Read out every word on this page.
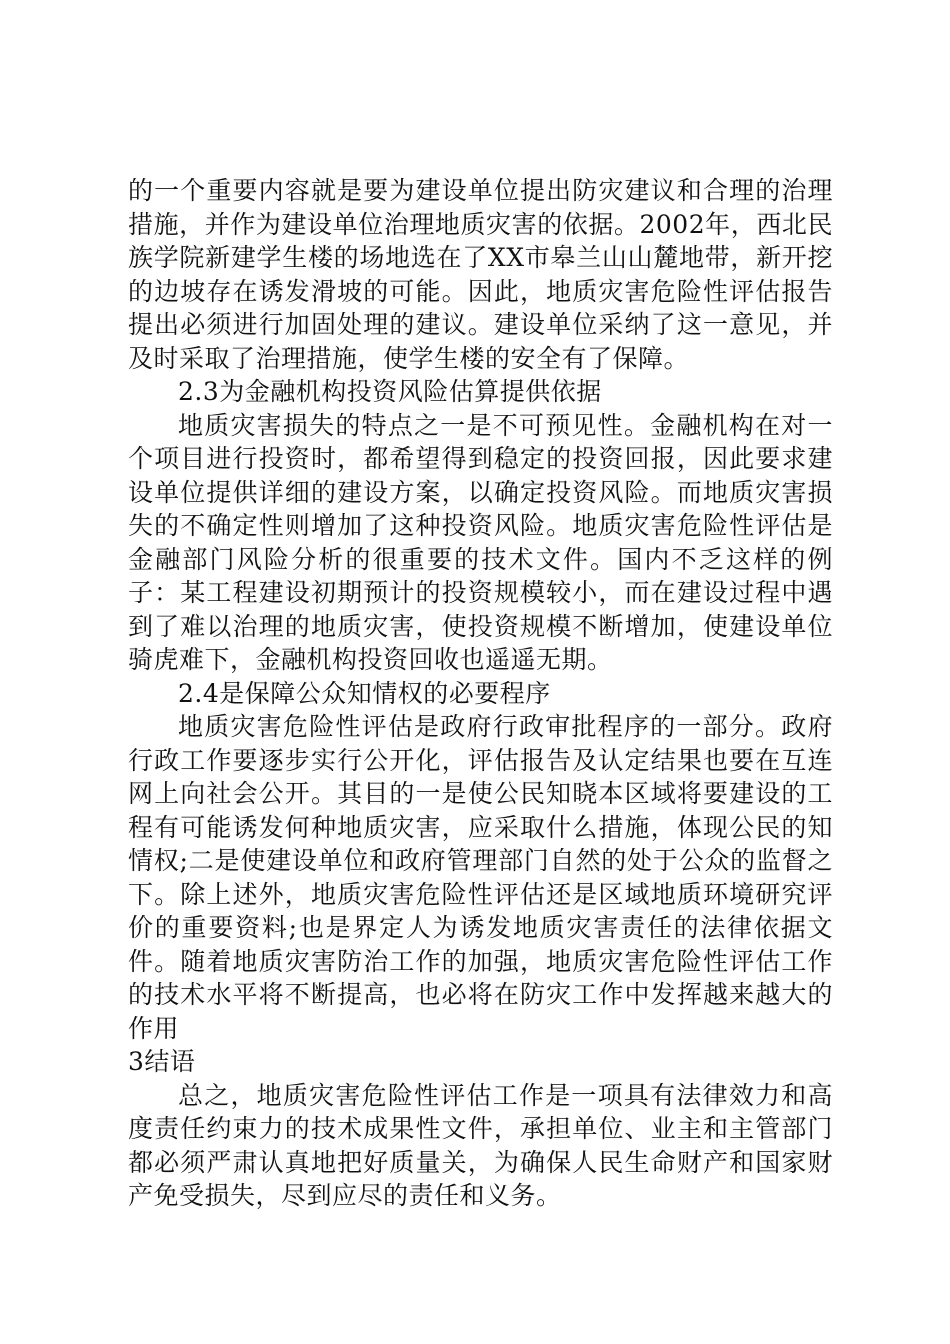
的一个重要内容就是要为建设单位提出防灾建议和合理的治理措施，并作为建设单位治理地质灾害的依据。2002年，西北民族学院新建学生楼的场地选在了XX市皋兰山山麓地带，新开挖的边坡存在诱发滑坡的可能。因此，地质灾害危险性评估报告提出必须进行加固处理的建议。建设单位采纳了这一意见，并及时采取了治理措施，使学生楼的安全有了保障。

2.3为金融机构投资风险估算提供依据

地质灾害损失的特点之一是不可预见性。金融机构在对一个项目进行投资时，都希望得到稳定的投资回报，因此要求建设单位提供详细的建设方案，以确定投资风险。而地质灾害损失的不确定性则增加了这种投资风险。地质灾害危险性评估是金融部门风险分析的很重要的技术文件。国内不乏这样的例子：某工程建设初期预计的投资规模较小，而在建设过程中遇到了难以治理的地质灾害，使投资规模不断增加，使建设单位骑虎难下，金融机构投资回收也遥遥无期。

2.4是保障公众知情权的必要程序

地质灾害危险性评估是政府行政审批程序的一部分。政府行政工作要逐步实行公开化，评估报告及认定结果也要在互连网上向社会公开。其目的一是使公民知晓本区域将要建设的工程有可能诱发何种地质灾害，应采取什么措施，体现公民的知情权;二是使建设单位和政府管理部门自然的处于公众的监督之下。除上述外，地质灾害危险性评估还是区域地质环境研究评价的重要资料;也是界定人为诱发地质灾害责任的法律依据文件。随着地质灾害防治工作的加强，地质灾害危险性评估工作的技术水平将不断提高，也必将在防灾工作中发挥越来越大的作用

3结语

总之，地质灾害危险性评估工作是一项具有法律效力和高度责任约束力的技术成果性文件，承担单位、业主和主管部门都必须严肃认真地把好质量关，为确保人民生命财产和国家财产免受损失，尽到应尽的责任和义务。
